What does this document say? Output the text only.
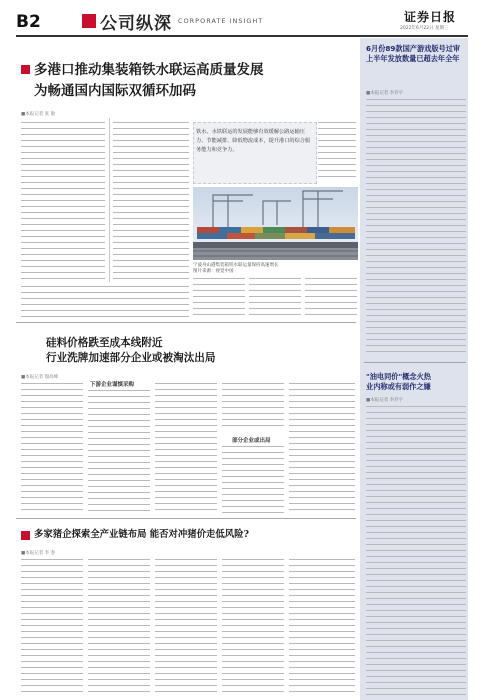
B2	公司纵深 CORPORATE INSIGHT	证券日报
2022年6月22日 星期三
6月份89款国产游戏版号过审
上半年发放数量已超去年全年
■本报记者 李乔宇
"油电同价"概念火热
业内称或有弱作之嫌
■本报记者 李乔宇
多港口推动集装箱铁水联运高质量发展
为畅通国内国际双循环加码
■本报记者 张 敏
铁水、水铁联运的发展能够有效缓解公路运输压力、节能减排、降低物流成本，提升港口的综合服务能力和竞争力。
宁波舟山港集装箱铁水联运量保持高速增长
图片来源：视觉中国
硅料价格跌至成本线附近
行业洗牌加速部分企业或被淘汰出局
■本报记者 殷高峰
下游企业谨慎采购
部分企业或出局
多家猪企探索全产业链布局 能否对冲猪价走低风险?
■本报记者 李 春
